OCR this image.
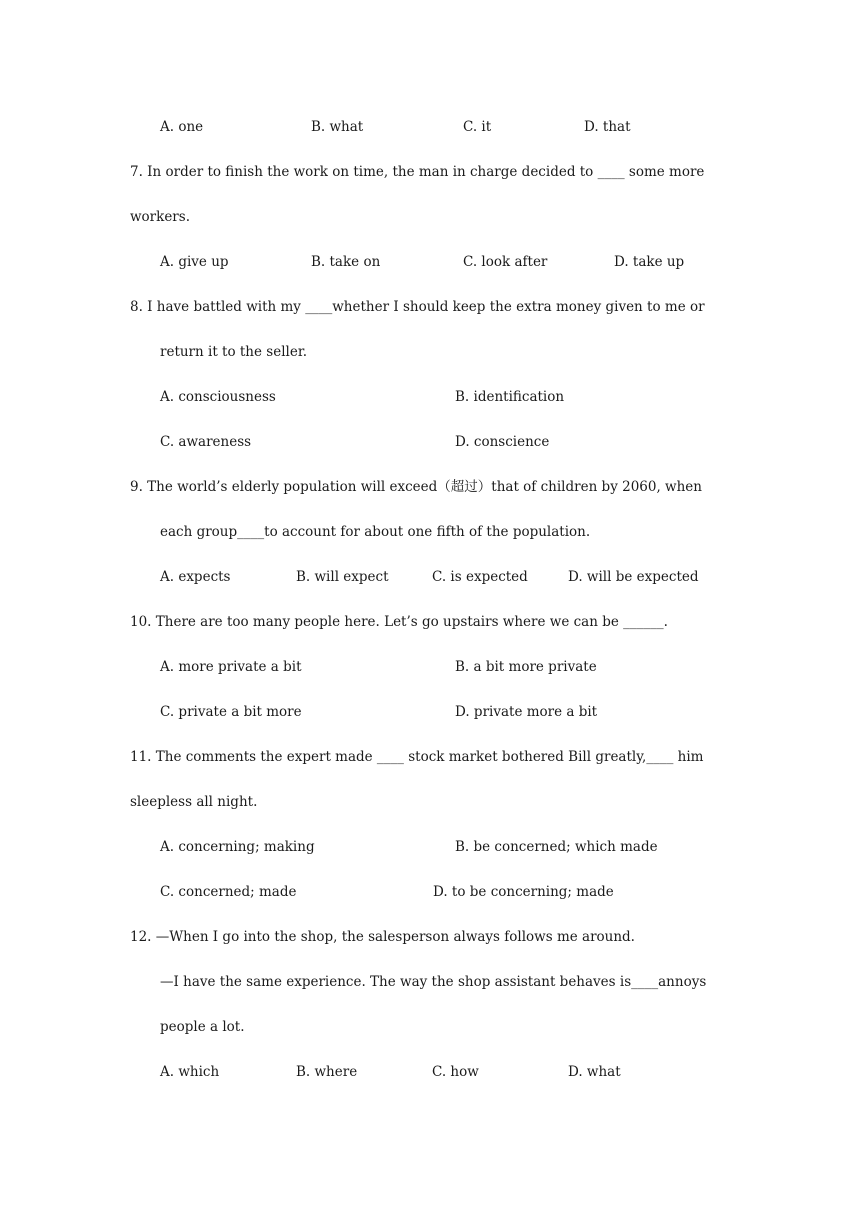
A. one	B. what	C. it	D. that
7. In order to finish the work on time, the man in charge decided to ____ some more
workers.
A. give up	B. take on	C. look after	D. take up
8. I have battled with my ____whether I should keep the extra money given to me or
return it to the seller.
A. consciousness	B. identification
C. awareness	D. conscience
9. The world’s elderly population will exceed（超过）that of children by 2060, when
each group____to account for about one fifth of the population.
A. expects	B. will expect	C. is expected	D. will be expected
10. There are too many people here. Let’s go upstairs where we can be ______.
A. more private a bit	B. a bit more private
C. private a bit more	D. private more a bit
11. The comments the expert made ____ stock market bothered Bill greatly,____ him
sleepless all night.
A. concerning; making	B. be concerned; which made
C. concerned; made	D. to be concerning; made
12. —When I go into the shop, the salesperson always follows me around.
—I have the same experience. The way the shop assistant behaves is____annoys
people a lot.
A. which	B. where	C. how	D. what
